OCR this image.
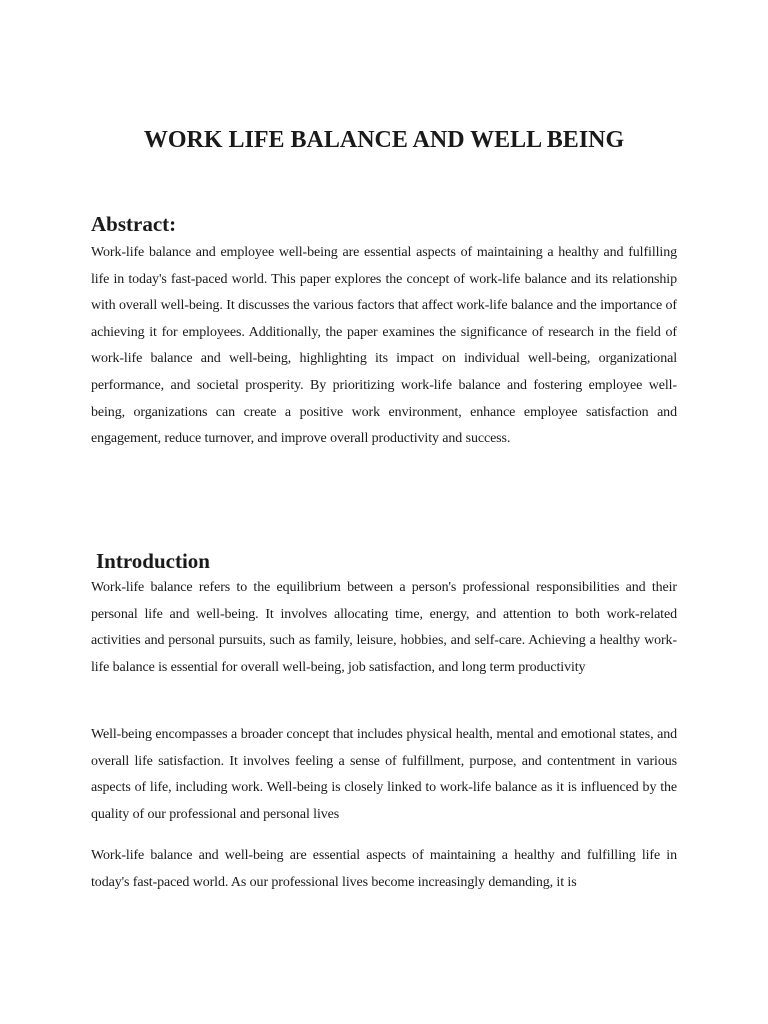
WORK LIFE BALANCE AND WELL BEING
Abstract:

Work-life balance and employee well-being are essential aspects of maintaining a healthy and fulfilling life in today's fast-paced world. This paper explores the concept of work-life balance and its relationship with overall well-being. It discusses the various factors that affect work-life balance and the importance of achieving it for employees. Additionally, the paper examines the significance of research in the field of work-life balance and well-being, highlighting its impact on individual well-being, organizational performance, and societal prosperity. By prioritizing work-life balance and fostering employee well-being, organizations can create a positive work environment, enhance employee satisfaction and engagement, reduce turnover, and improve overall productivity and success.

Introduction

Work-life balance refers to the equilibrium between a person's professional responsibilities and their personal life and well-being. It involves allocating time, energy, and attention to both work-related activities and personal pursuits, such as family, leisure, hobbies, and self-care. Achieving a healthy work-life balance is essential for overall well-being, job satisfaction, and long term productivity

Well-being encompasses a broader concept that includes physical health, mental and emotional states, and overall life satisfaction. It involves feeling a sense of fulfillment, purpose, and contentment in various aspects of life, including work. Well-being is closely linked to work-life balance as it is influenced by the quality of our professional and personal lives

Work-life balance and well-being are essential aspects of maintaining a healthy and fulfilling life in today's fast-paced world. As our professional lives become increasingly demanding, it is
